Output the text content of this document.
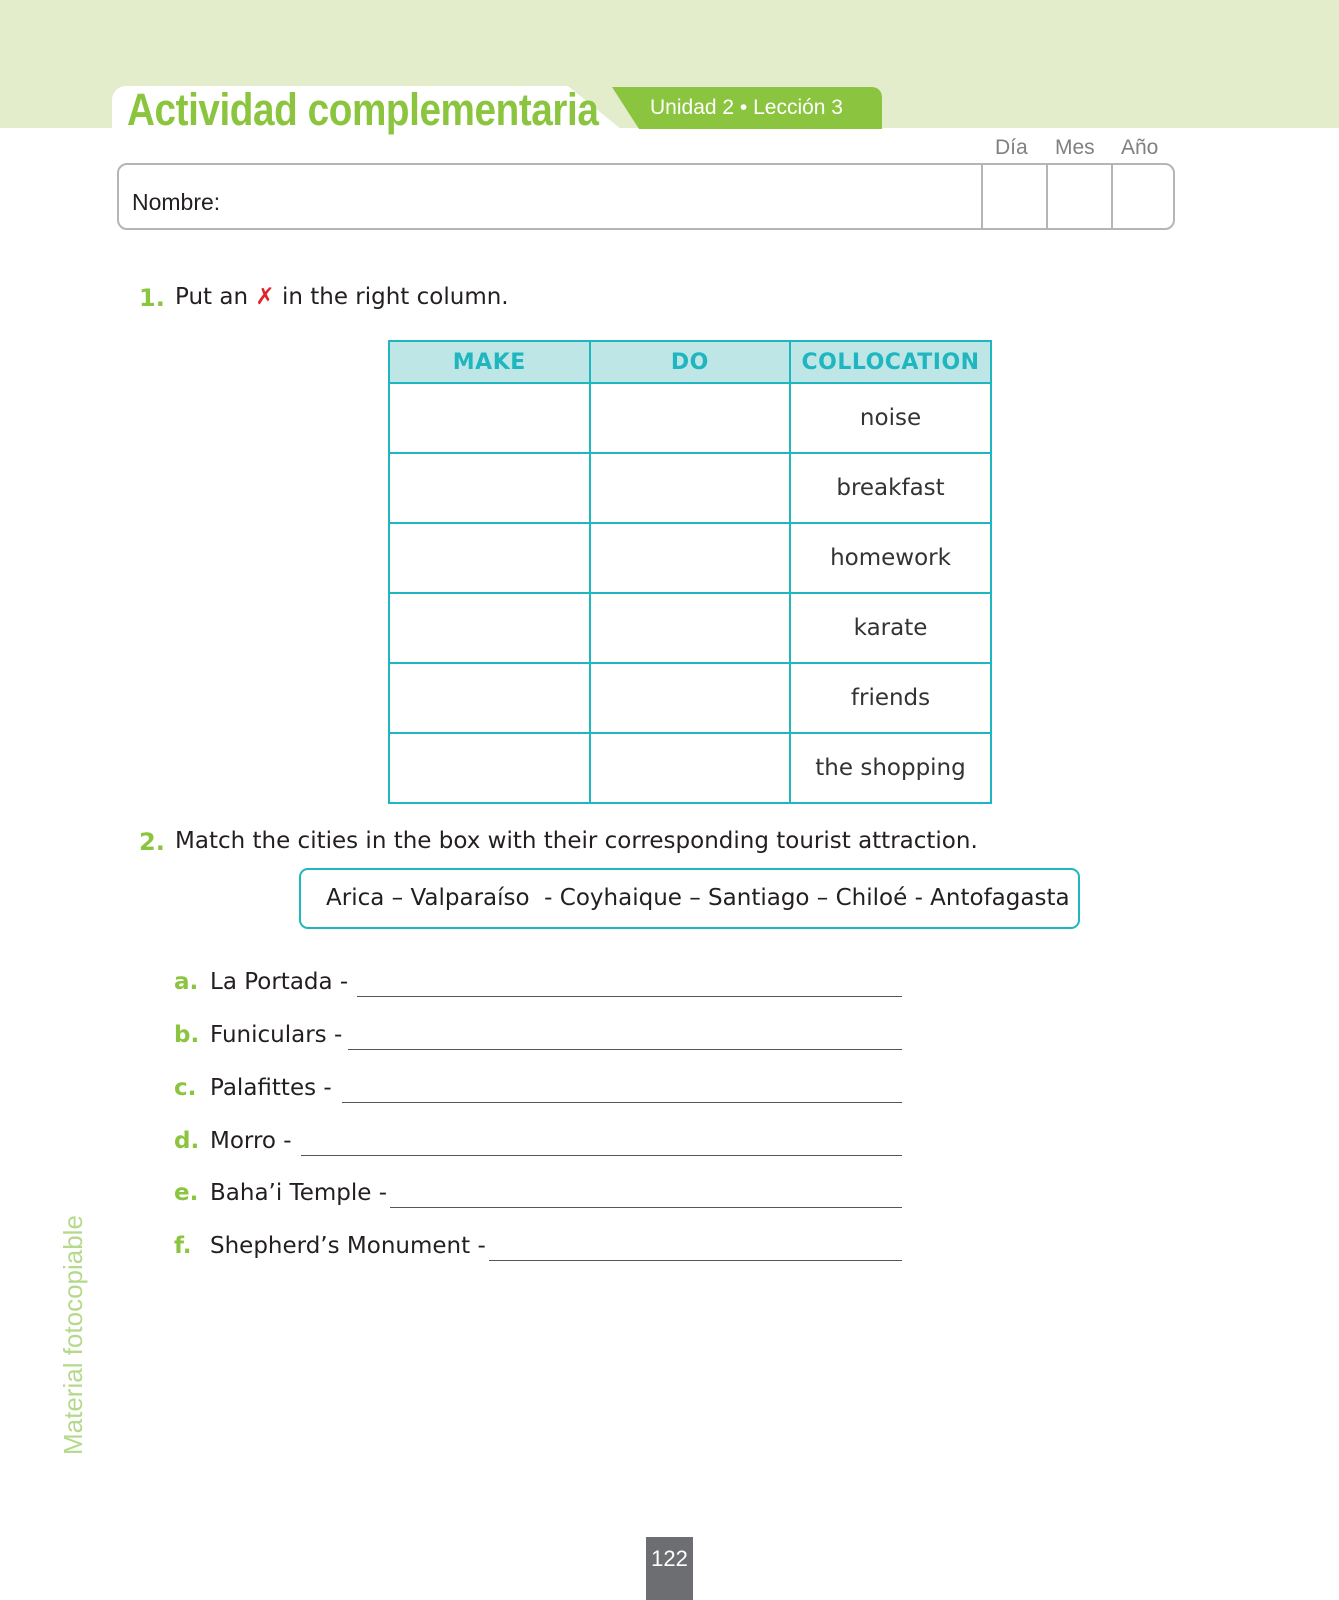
Actividad complementaria Unidad 2 • Lección 3
Día Mes Año
Nombre:
1. Put an ✗ in the right column.
MAKE	DO	COLLOCATION
		noise
		breakfast
		homework
		karate
		friends
		the shopping
2. Match the cities in the box with their corresponding tourist attraction.
Arica – Valparaíso  - Coyhaique – Santiago – Chiloé - Antofagasta
a. La Portada -
b. Funiculars -
c. Palafittes -
d. Morro -
e. Baha’i Temple -
f. Shepherd’s Monument -
Material fotocopiable
122
